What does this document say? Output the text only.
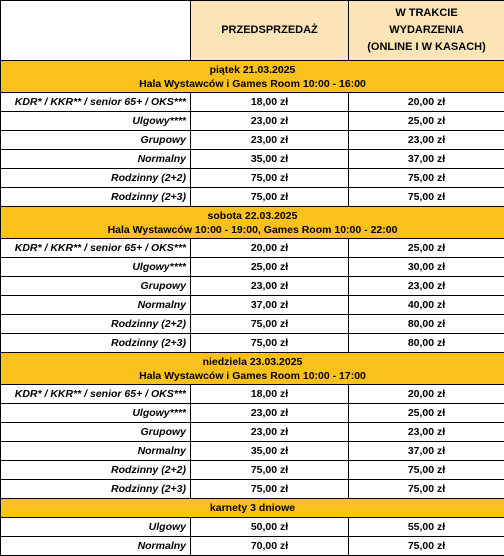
	PRZEDSPRZEDAŻ	W TRAKCIE WYDARZENIA (ONLINE I W KASACH)

piątek 21.03.2025
Hala Wystawców i Games Room 10:00 - 16:00		

KDR* / KKR** / senior 65+ / OKS***	18,00 zł	20,00 zł
Ulgowy****	23,00 zł	25,00 zł
Grupowy	23,00 zł	23,00 zł
Normalny	35,00 zł	37,00 zł
Rodzinny (2+2)	75,00 zł	75,00 zł
Rodzinny (2+3)	75,00 zł	75,00 zł

sobota 22.03.2025
Hala Wystawców 10:00 - 19:00, Games Room 10:00 - 22:00		

KDR* / KKR** / senior 65+ / OKS***	20,00 zł	25,00 zł
Ulgowy****	25,00 zł	30,00 zł
Grupowy	23,00 zł	23,00 zł
Normalny	37,00 zł	40,00 zł
Rodzinny (2+2)	75,00 zł	80,00 zł
Rodzinny (2+3)	75,00 zł	80,00 zł

niedziela 23.03.2025
Hala Wystawców i Games Room 10:00 - 17:00		

KDR* / KKR** / senior 65+ / OKS***	18,00 zł	20,00 zł
Ulgowy****	23,00 zł	25,00 zł
Grupowy	23,00 zł	23,00 zł
Normalny	35,00 zł	37,00 zł
Rodzinny (2+2)	75,00 zł	75,00 zł
Rodzinny (2+3)	75,00 zł	75,00 zł

karnety 3 dniowe		

Ulgowy	50,00 zł	55,00 zł
Normalny	70,00 zł	75,00 zł
